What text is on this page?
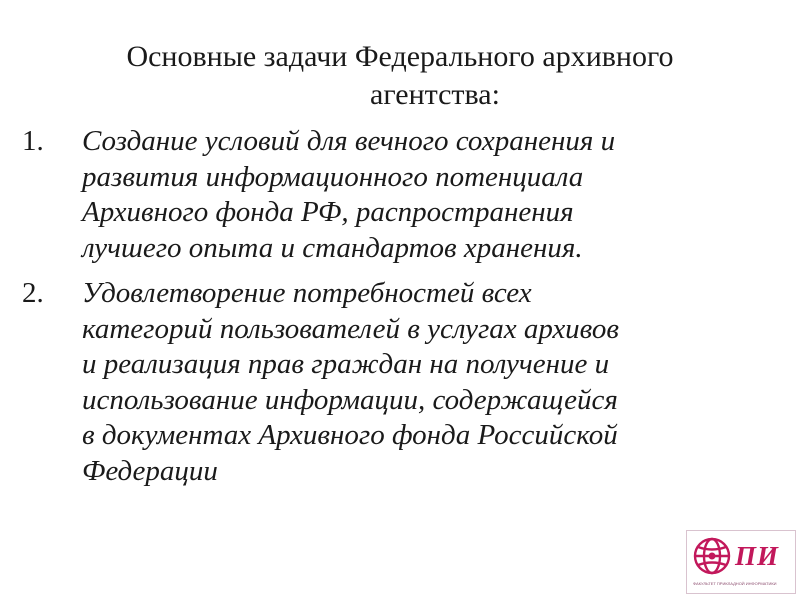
Основные задачи Федерального архивного
агентства:
1. Создание условий для вечного сохранения и
развития информационного потенциала
Архивного фонда РФ, распространения
лучшего опыта и стандартов хранения.
2. Удовлетворение потребностей всех
категорий пользователей в услугах архивов
и реализация прав граждан на получение и
использование информации, содержащейся
в документах Архивного фонда Российской
Федерации
ПИ
ФАКУЛЬТЕТ ПРИКЛАДНОЙ ИНФОРМАТИКИ
